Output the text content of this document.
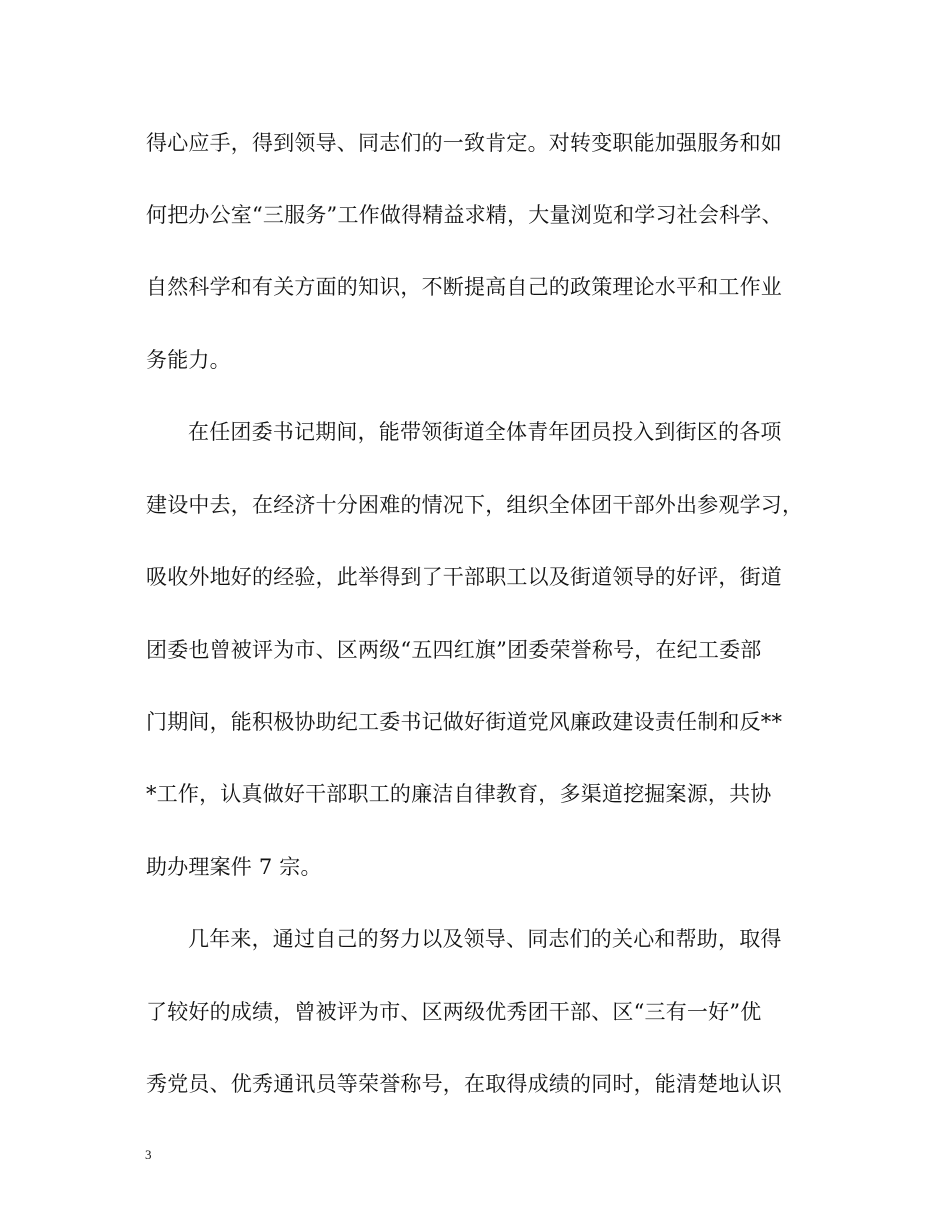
得心应手，得到领导、同志们的一致肯定。对转变职能加强服务和如
何把办公室“三服务”工作做得精益求精，大量浏览和学习社会科学、
自然科学和有关方面的知识，不断提高自己的政策理论水平和工作业
务能力。
在任团委书记期间，能带领街道全体青年团员投入到街区的各项
建设中去，在经济十分困难的情况下，组织全体团干部外出参观学习，
吸收外地好的经验，此举得到了干部职工以及街道领导的好评，街道
团委也曾被评为市、区两级“五四红旗”团委荣誉称号，在纪工委部
门期间，能积极协助纪工委书记做好街道党风廉政建设责任制和反**
*工作，认真做好干部职工的廉洁自律教育，多渠道挖掘案源，共协
助办理案件 7 宗。
几年来，通过自己的努力以及领导、同志们的关心和帮助，取得
了较好的成绩，曾被评为市、区两级优秀团干部、区“三有一好”优
秀党员、优秀通讯员等荣誉称号，在取得成绩的同时，能清楚地认识
3
